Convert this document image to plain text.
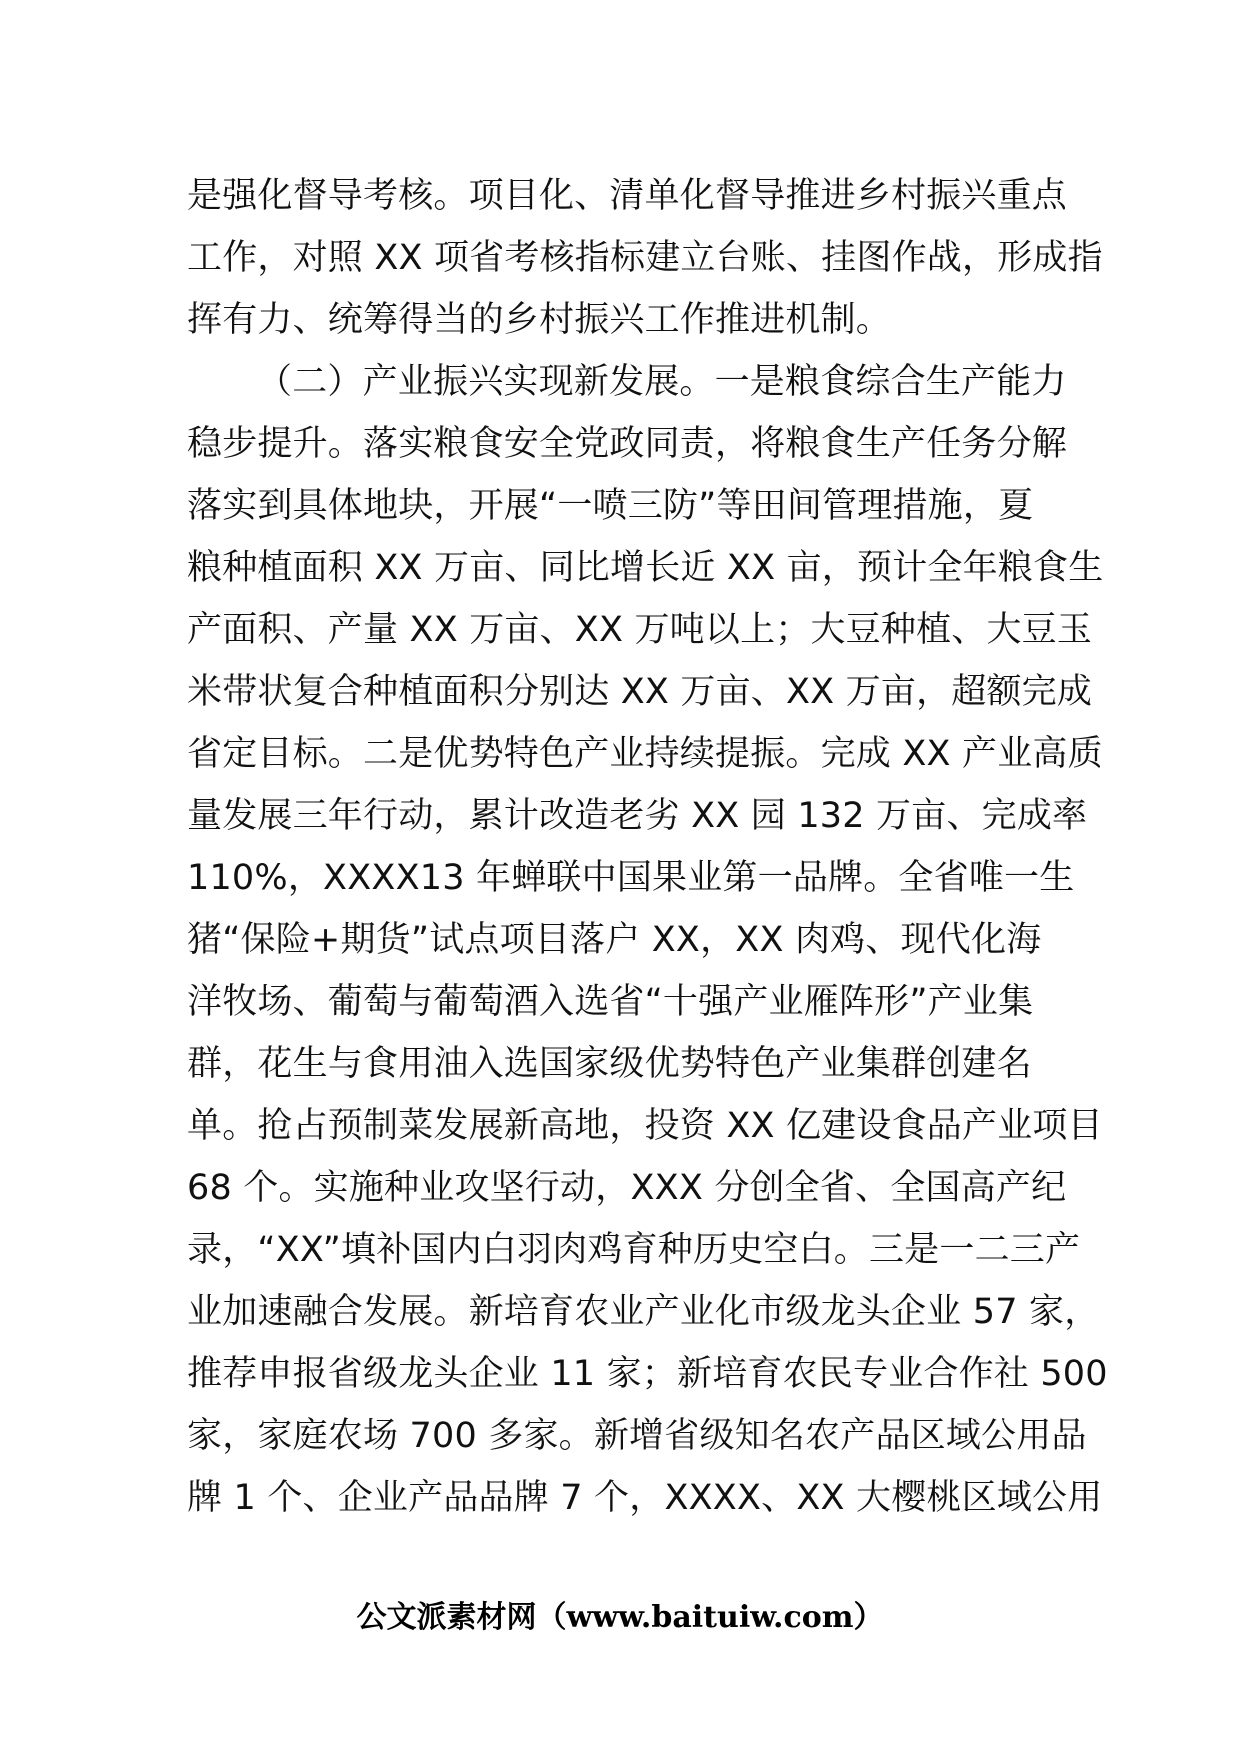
是强化督导考核。项目化、清单化督导推进乡村振兴重点
工作，对照 XX 项省考核指标建立台账、挂图作战，形成指
挥有力、统筹得当的乡村振兴工作推进机制。
（二）产业振兴实现新发展。一是粮食综合生产能力
稳步提升。落实粮食安全党政同责，将粮食生产任务分解
落实到具体地块，开展“一喷三防”等田间管理措施，夏
粮种植面积 XX 万亩、同比增长近 XX 亩，预计全年粮食生
产面积、产量 XX 万亩、XX 万吨以上；大豆种植、大豆玉
米带状复合种植面积分别达 XX 万亩、XX 万亩，超额完成
省定目标。二是优势特色产业持续提振。完成 XX 产业高质
量发展三年行动，累计改造老劣 XX 园 132 万亩、完成率
110%，XXXX13 年蝉联中国果业第一品牌。全省唯一生
猪“保险+期货”试点项目落户 XX，XX 肉鸡、现代化海
洋牧场、葡萄与葡萄酒入选省“十强产业雁阵形”产业集
群，花生与食用油入选国家级优势特色产业集群创建名
单。抢占预制菜发展新高地，投资 XX 亿建设食品产业项目
68 个。实施种业攻坚行动，XXX 分创全省、全国高产纪
录，“XX”填补国内白羽肉鸡育种历史空白。三是一二三产
业加速融合发展。新培育农业产业化市级龙头企业 57 家，
推荐申报省级龙头企业 11 家；新培育农民专业合作社 500
家，家庭农场 700 多家。新增省级知名农产品区域公用品
牌 1 个、企业产品品牌 7 个，XXXX、XX 大樱桃区域公用
公文派素材网（www.baituiw.com）
